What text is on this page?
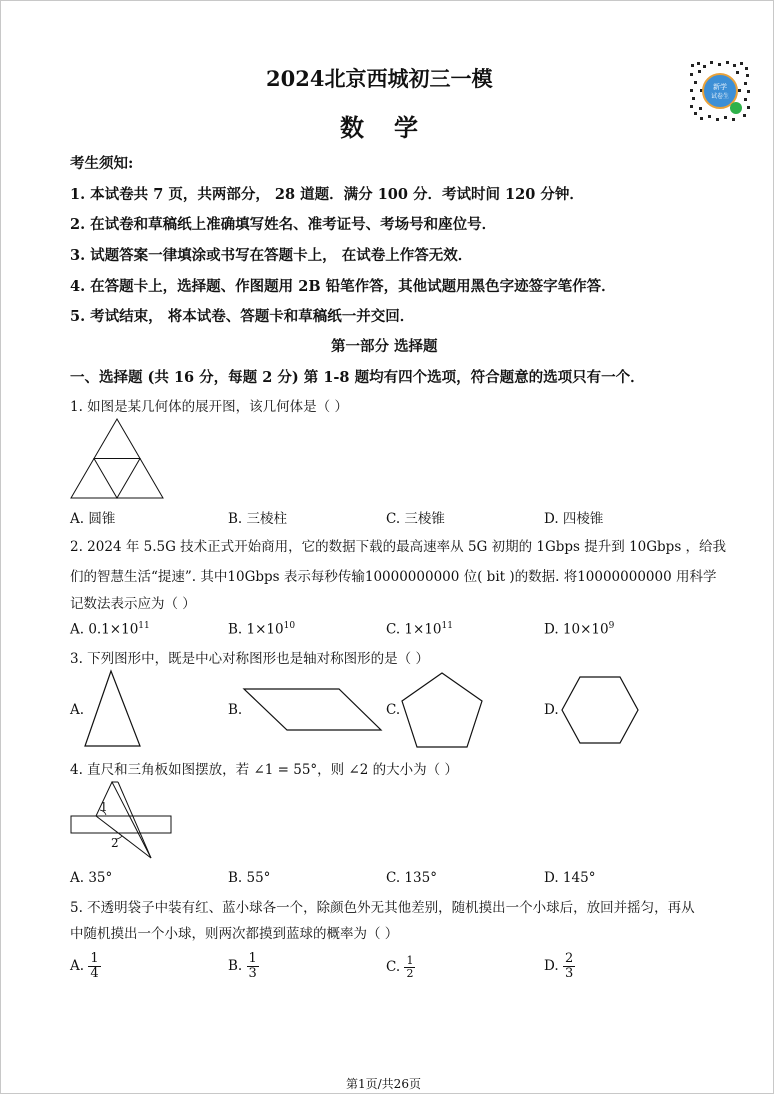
2024北京西城初三一模
数学
新学
试卷生
考生须知:
1. 本试卷共 7 页，共两部分， 28 道题．满分 100 分．考试时间 120 分钟．
2. 在试卷和草稿纸上准确填写姓名、准考证号、考场号和座位号．
3. 试题答案一律填涂或书写在答题卡上， 在试卷上作答无效．
4. 在答题卡上，选择题、作图题用 2B 铅笔作答，其他试题用黑色字迹签字笔作答．
5. 考试结束， 将本试卷、答题卡和草稿纸一并交回．
第一部分 选择题
一、选择题 (共 16 分，每题 2 分) 第 1-8 题均有四个选项，符合题意的选项只有一个．
1. 如图是某几何体的展开图，该几何体是（ ）
A. 圆锥	B. 三棱柱	C. 三棱锥	D. 四棱锥
2. 2024 年 5.5G 技术正式开始商用，它的数据下载的最高速率从 5G 初期的 1Gbps 提升到 10Gbps ，给我
们的智慧生活“提速”. 其中10Gbps 表示每秒传输10000000000 位( bit )的数据. 将10000000000 用科学
记数法表示应为（ ）
A. $0.1\times 10^{11}$	B. $1\times 10^{10}$	C. $1\times 10^{11}$	D. $10\times 10^9$
3. 下列图形中，既是中心对称图形也是轴对称图形的是（ ）
A.	B.	C.	D.
4. 直尺和三角板如图摆放，若 ∠1 = 55°，则 ∠2 的大小为（ ）
1
2
A. 35°	B. 55°	C. 135°	D. 145°
5. 不透明袋子中装有红、蓝小球各一个，除颜色外无其他差别，随机摸出一个小球后，放回并摇匀，再从
中随机摸出一个小球，则两次都摸到蓝球的概率为（ ）
A. $\frac{1}{4}$	B. $\frac{1}{3}$	C. $\frac{1}{2}$	D. $\frac{2}{3}$
第1页/共26页
